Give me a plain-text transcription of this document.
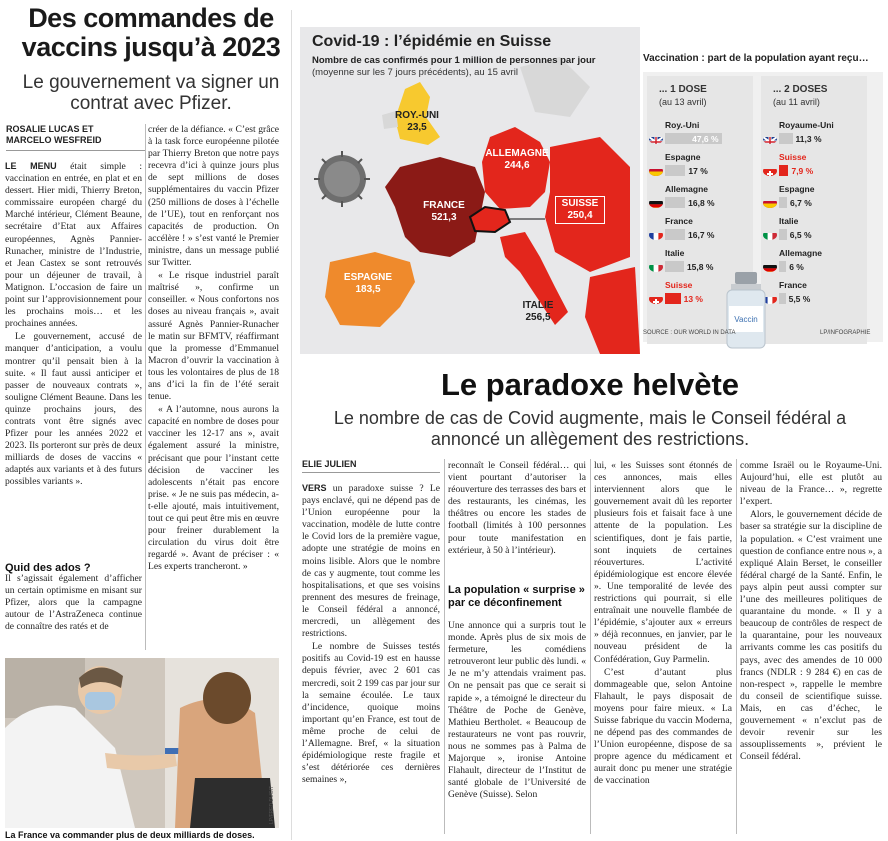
Des commandes de vaccins jusqu’à 2023
Le gouvernement va signer un contrat avec Pfizer.
ROSALIE LUCAS ET MARCELO WESFREID

LE MENU était simple : vaccination en entrée, en plat et en dessert. Hier midi, Thierry Breton, commissaire européen chargé du Marché intérieur, Clément Beaune, secrétaire d’Etat aux Affaires européennes, Agnès Pannier-Runacher, ministre de l’Industrie, et Jean Castex se sont retrouvés pour un déjeuner de travail, à Matignon. L’occasion de faire un point sur l’approvisionnement pour les prochains mois… et les prochaines années.

Le gouvernement, accusé de manquer d’anticipation, a voulu montrer qu’il pensait bien à la suite. « Il faut aussi anticiper et passer de nouveaux contrats », souligne Clément Beaune. Dans les quinze prochains jours, des contrats vont être signés avec Pfizer pour les années 2022 et 2023. Ils porteront sur près de deux milliards de doses de vaccins « adaptés aux variants et à des futurs possibles variants ».

Quid des ados ?

Il s’agissait également d’afficher un certain optimisme en misant sur Pfizer, alors que la campagne autour de l’AstraZeneca continue de connaître des ratés et de

créer de la défiance. « C’est grâce à la task force européenne pilotée par Thierry Breton que notre pays recevra d’ici à quinze jours plus de sept millions de doses supplémentaires du vaccin Pfizer (250 millions de doses à l’échelle de l’UE), tout en renforçant nos capacités de production. On accélère ! » s’est vanté le Premier ministre, dans un message publié sur Twitter.

« Le risque industriel paraît maîtrisé », confirme un conseiller. « Nous confortons nos doses au niveau français », avait assuré Agnès Pannier-Runacher le matin sur BFMTV, réaffirmant que la promesse d’Emmanuel Macron d’ouvrir la vaccination à tous les volontaires de plus de 18 ans d’ici la fin de l’été serait tenue.

« A l’automne, nous aurons la capacité en nombre de doses pour vacciner les 12-17 ans », avait également assuré la ministre, précisant que pour l’instant cette décision de vacciner les adolescents n’était pas encore prise. « Je ne suis pas médecin, a-t-elle ajouté, mais intuitivement, tout ce qui peut être mis en œuvre pour freiner durablement la circulation du virus doit être regardé ». Avant de préciser : « Les experts trancheront. »

LP/FRED DUGIT
La France va commander plus de deux milliards de doses.
Covid-19 : l’épidémie en Suisse
Nombre de cas confirmés pour 1 million de personnes par jour
(moyenne sur les 7 jours précédents), au 15 avril
ROY.-UNI
23,5
ALLEMAGNE
244,6
FRANCE
521,3
SUISSE
250,4
ESPAGNE
183,5
ITALIE
256,5
Vaccination : part de la population ayant reçu…
... 1 DOSE
(au 13 avril)
Roy.-Uni
47,6 %
Espagne
17 %
Allemagne
16,8 %
France
16,7 %
Italie
15,8 %
Suisse
13 %
... 2 DOSES
(au 11 avril)
Royaume-Uni
11,3 %
Suisse
7,9 %
Espagne
6,7 %
Italie
6,5 %
Allemagne
6 %
France
5,5 %
Vaccin
SOURCE : OUR WORLD IN DATA	LP/INFOGRAPHIE
Le paradoxe helvète
Le nombre de cas de Covid augmente, mais le Conseil fédéral a annoncé un allègement des restrictions.
ELIE JULIEN

VERS un paradoxe suisse ? Le pays enclavé, qui ne dépend pas de l’Union européenne pour la vaccination, modèle de lutte contre le Covid lors de la première vague, adopte une stratégie de moins en moins lisible. Alors que le nombre de cas y augmente, tout comme les hospitalisations, et que ses voisins prennent des mesures de freinage, le Conseil fédéral a annoncé, mercredi, un allègement des restrictions.

Le nombre de Suisses testés positifs au Covid-19 est en hausse depuis février, avec 2 601 cas mercredi, soit 2 199 cas par jour sur la semaine écoulée. Le taux d’incidence, quoique moins important qu’en France, est tout de même proche de celui de l’Allemagne. Bref, « la situation épidémiologique reste fragile et s’est détériorée ces dernières semaines »,

reconnaît le Conseil fédéral… qui vient pourtant d’autoriser la réouverture des terrasses des bars et des restaurants, les cinémas, les théâtres ou encore les stades de football (limités à 100 personnes pour toute manifestation en extérieur, à 50 à l’intérieur).

La population « surprise » par ce déconfinement

Une annonce qui a surpris tout le monde. Après plus de six mois de fermeture, les comédiens retrouveront leur public dès lundi. « Je ne m’y attendais vraiment pas. On ne pensait pas que ce serait si rapide », a témoigné le directeur du Théâtre de Poche de Genève, Mathieu Bertholet. « Beaucoup de restaurateurs ne vont pas rouvrir, nous ne sommes pas à Palma de Majorque », ironise Antoine Flahault, directeur de l’Institut de santé globale de l’Université de Genève (Suisse). Selon

lui, « les Suisses sont étonnés de ces annonces, mais elles interviennent alors que le gouvernement avait dû les reporter plusieurs fois et faisait face à une attente de la population. Les scientifiques, dont je fais partie, sont inquiets de certaines réouvertures. L’activité épidémiologique est encore élevée ». Une temporalité de levée des restrictions qui pourrait, si elle entraînait une nouvelle flambée de l’épidémie, s’ajouter aux « erreurs » déjà reconnues, en janvier, par le nouveau président de la Confédération, Guy Parmelin.

C’est d’autant plus dommageable que, selon Antoine Flahault, le pays disposait de moyens pour faire mieux. « La Suisse fabrique du vaccin Moderna, ne dépend pas des commandes de l’Union européenne, dispose de sa propre agence du médicament et aurait donc pu mener une stratégie de vaccination

comme Israël ou le Royaume-Uni. Aujourd’hui, elle est plutôt au niveau de la France… », regrette l’expert.

Alors, le gouvernement décide de baser sa stratégie sur la discipline de la population. « C’est vraiment une question de confiance entre nous », a expliqué Alain Berset, le conseiller fédéral chargé de la Santé. Enfin, le pays alpin peut aussi compter sur l’une des meilleures politiques de quarantaine du monde. « Il y a beaucoup de contrôles de respect de la quarantaine, pour les nouveaux arrivants comme les cas positifs du pays, avec des amendes de 10 000 francs (NDLR : 9 284 €) en cas de non-respect », rappelle le membre du conseil de scientifique suisse. Mais, en cas d’échec, le gouvernement « n’exclut pas de devoir revenir sur les assouplissements », prévient le Conseil fédéral.
